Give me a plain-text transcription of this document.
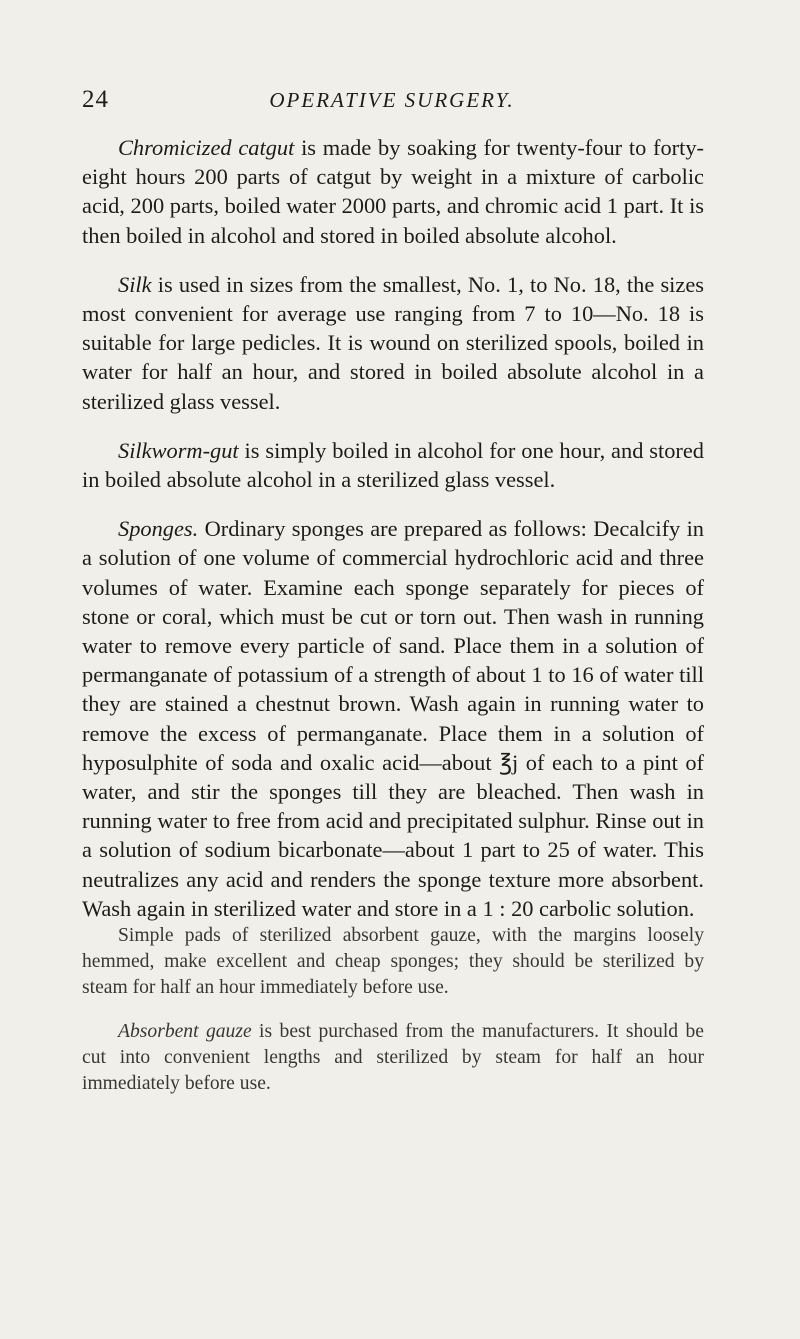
24	OPERATIVE SURGERY.

Chromicized catgut is made by soaking for twenty-four to forty-eight hours 200 parts of catgut by weight in a mixture of carbolic acid, 200 parts, boiled water 2000 parts, and chromic acid 1 part. It is then boiled in alcohol and stored in boiled absolute alcohol.

Silk is used in sizes from the smallest, No. 1, to No. 18, the sizes most convenient for average use ranging from 7 to 10—No. 18 is suitable for large pedicles. It is wound on sterilized spools, boiled in water for half an hour, and stored in boiled absolute alcohol in a sterilized glass vessel.

Silkworm-gut is simply boiled in alcohol for one hour, and stored in boiled absolute alcohol in a sterilized glass vessel.

Sponges. Ordinary sponges are prepared as follows: Decalcify in a solution of one volume of commercial hydrochloric acid and three volumes of water. Examine each sponge separately for pieces of stone or coral, which must be cut or torn out. Then wash in running water to remove every particle of sand. Place them in a solution of permanganate of potassium of a strength of about 1 to 16 of water till they are stained a chestnut brown. Wash again in running water to remove the excess of permanganate. Place them in a solution of hyposulphite of soda and oxalic acid—about ℥j of each to a pint of water, and stir the sponges till they are bleached. Then wash in running water to free from acid and precipitated sulphur. Rinse out in a solution of sodium bicarbonate—about 1 part to 25 of water. This neutralizes any acid and renders the sponge texture more absorbent. Wash again in sterilized water and store in a 1 : 20 carbolic solution.

Simple pads of sterilized absorbent gauze, with the margins loosely hemmed, make excellent and cheap sponges; they should be sterilized by steam for half an hour immediately before use.

Absorbent gauze is best purchased from the manufacturers. It should be cut into convenient lengths and sterilized by steam for half an hour immediately before use.
